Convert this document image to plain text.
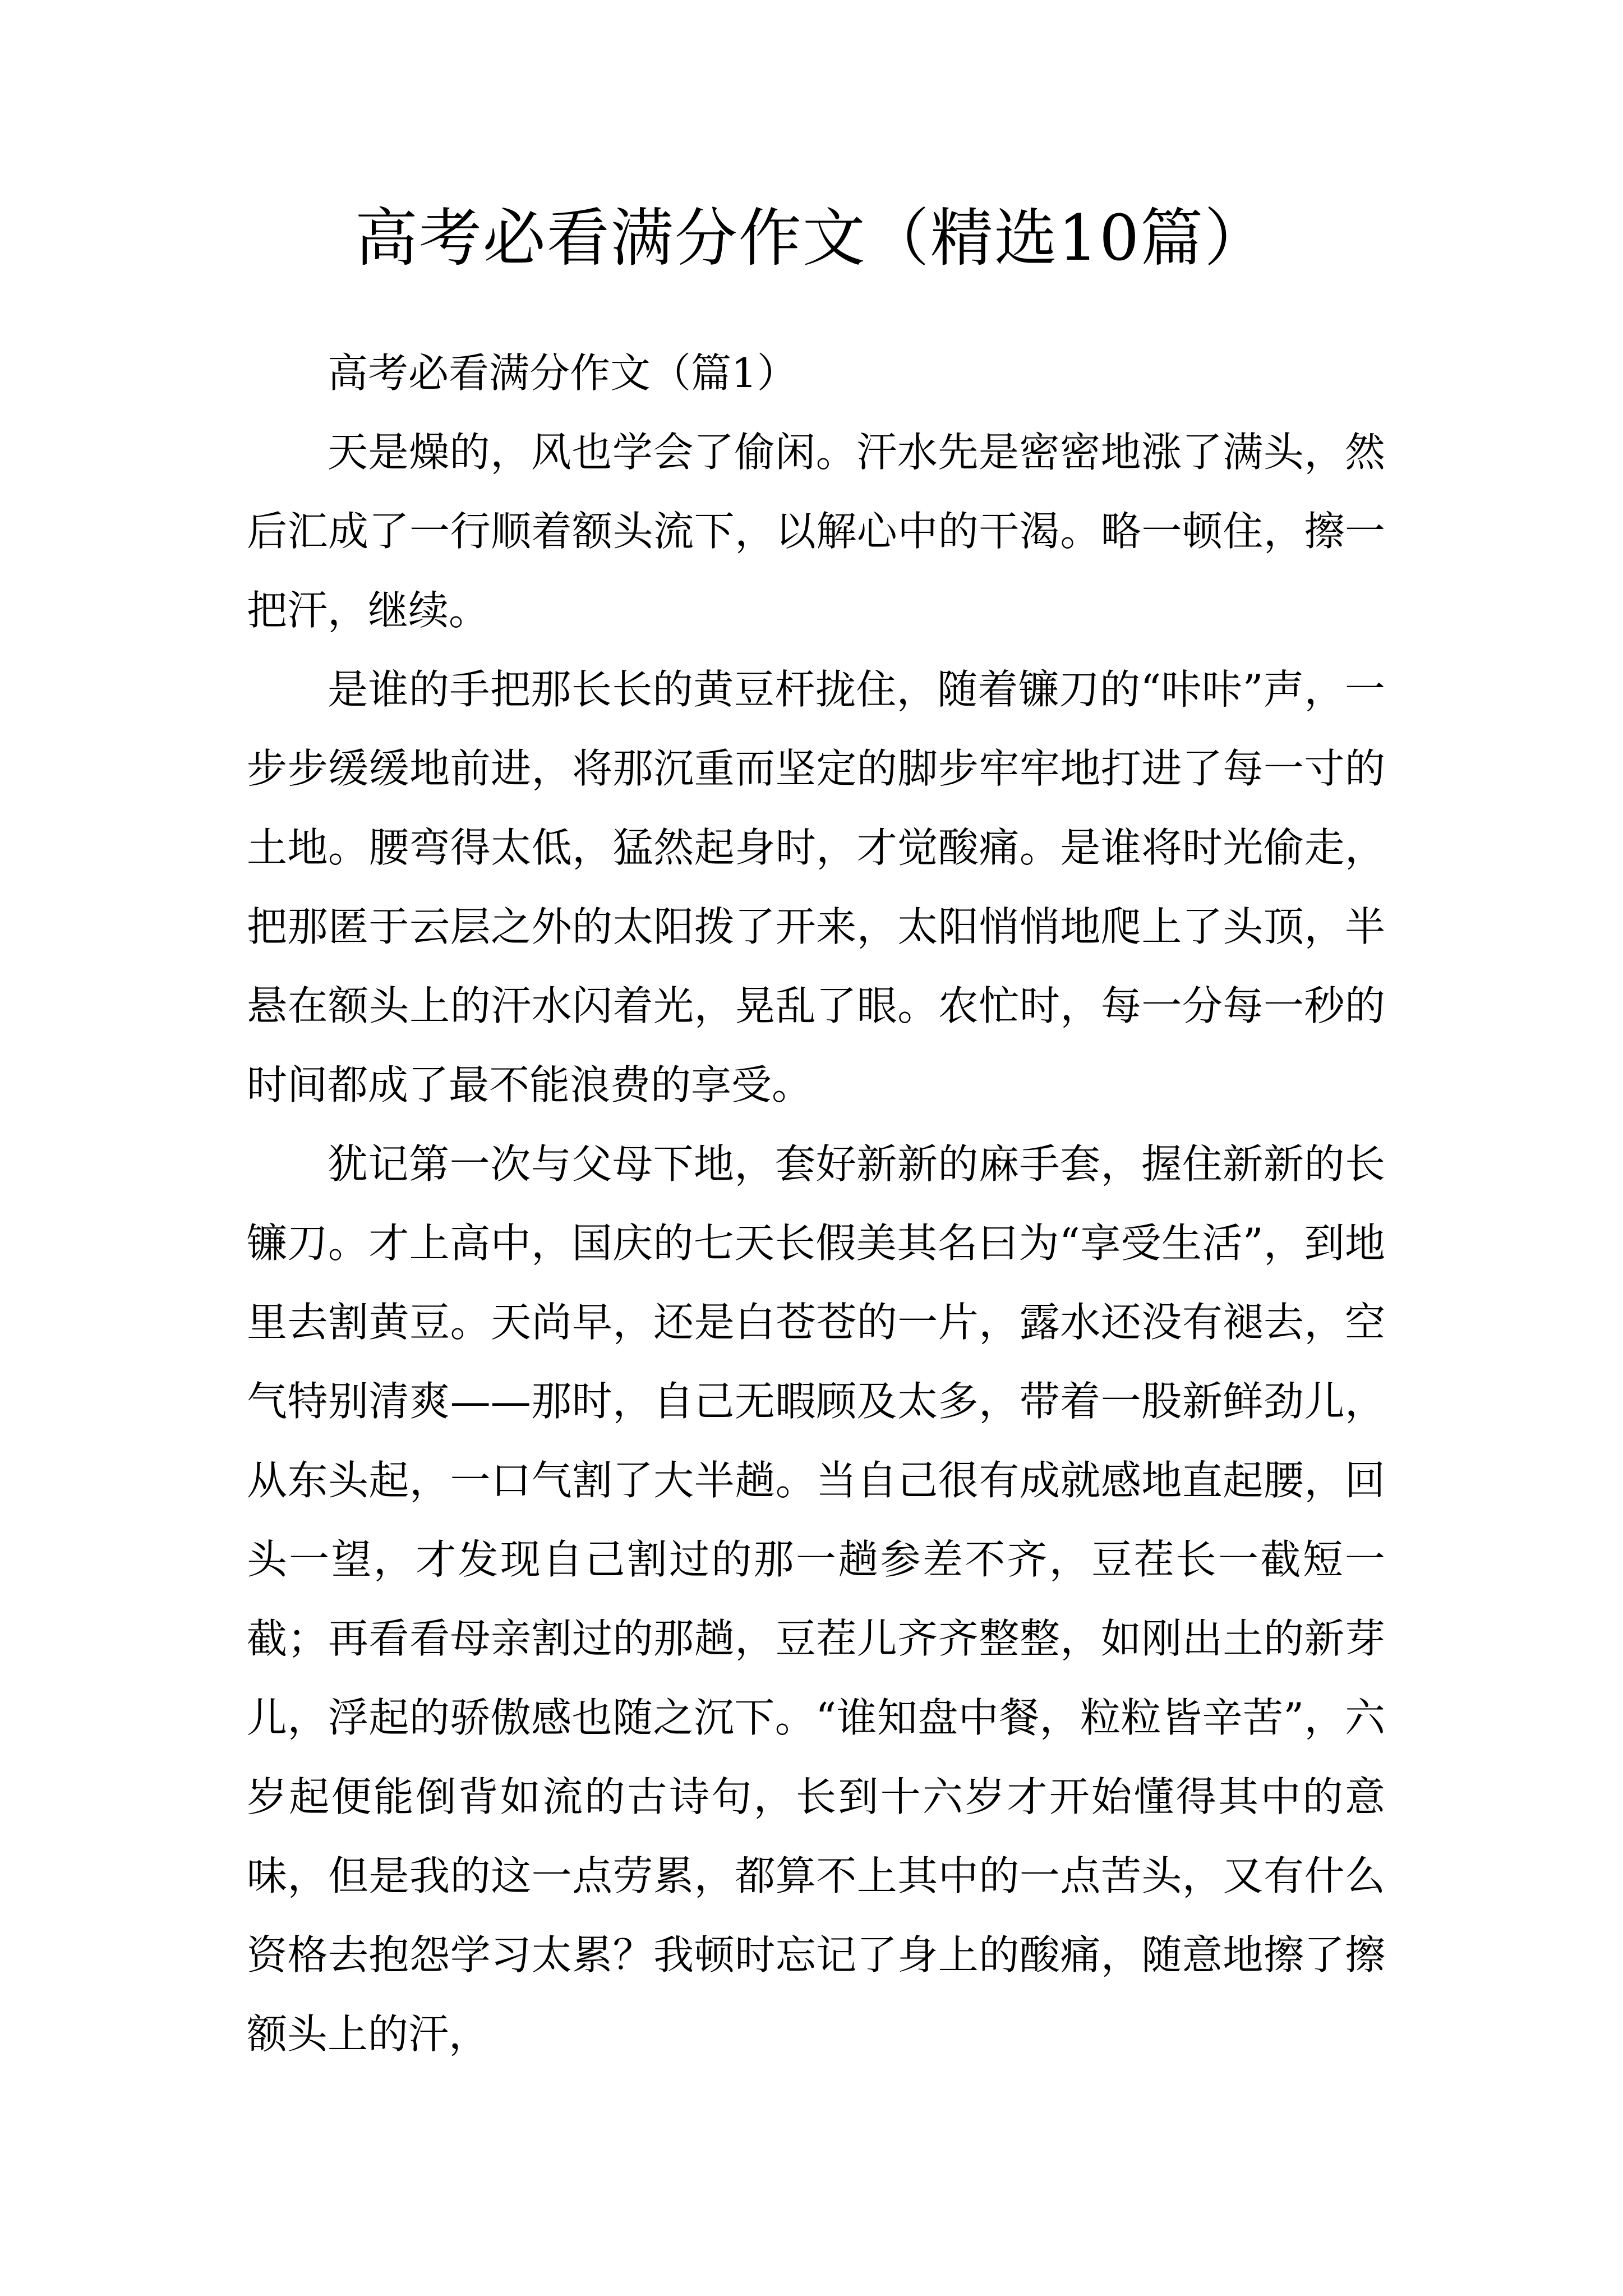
高考必看满分作文（精选10篇）

高考必看满分作文（篇1）

天是燥的，风也学会了偷闲。汗水先是密密地涨了满头，然后汇成了一行顺着额头流下，以解心中的干渴。略一顿住，擦一把汗，继续。

是谁的手把那长长的黄豆杆拢住，随着镰刀的“咔咔”声，一步步缓缓地前进，将那沉重而坚定的脚步牢牢地打进了每一寸的土地。腰弯得太低，猛然起身时，才觉酸痛。是谁将时光偷走，把那匿于云层之外的太阳拨了开来，太阳悄悄地爬上了头顶，半悬在额头上的汗水闪着光，晃乱了眼。农忙时，每一分每一秒的时间都成了最不能浪费的享受。

犹记第一次与父母下地，套好新新的麻手套，握住新新的长镰刀。才上高中，国庆的七天长假美其名曰为“享受生活”，到地里去割黄豆。天尚早，还是白苍苍的一片，露水还没有褪去，空气特别清爽——那时，自己无暇顾及太多，带着一股新鲜劲儿，从东头起，一口气割了大半趟。当自己很有成就感地直起腰，回头一望，才发现自己割过的那一趟参差不齐，豆茬长一截短一截；再看看母亲割过的那趟，豆茬儿齐齐整整，如刚出土的新芽儿，浮起的骄傲感也随之沉下。“谁知盘中餐，粒粒皆辛苦”，六岁起便能倒背如流的古诗句，长到十六岁才开始懂得其中的意味，但是我的这一点劳累，都算不上其中的一点苦头，又有什么资格去抱怨学习太累？我顿时忘记了身上的酸痛，随意地擦了擦额头上的汗，
